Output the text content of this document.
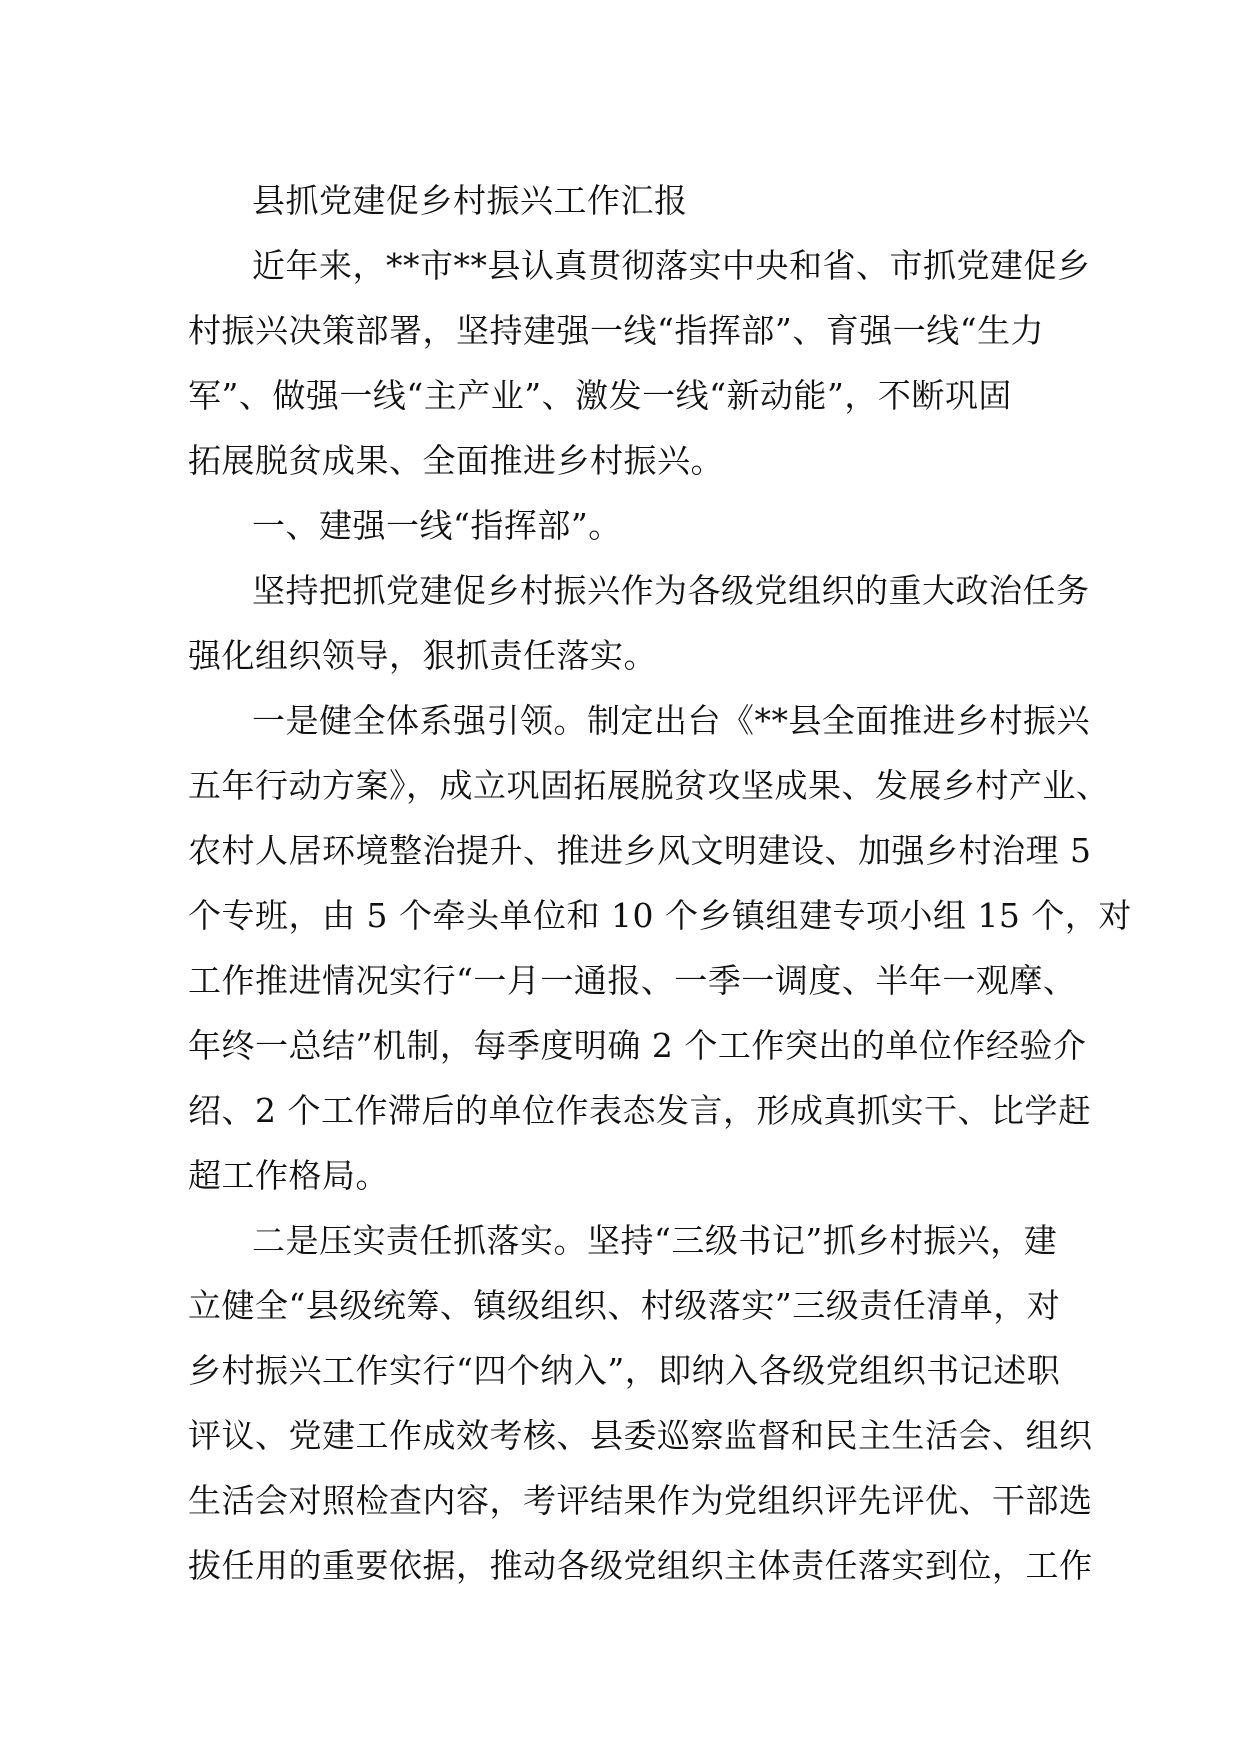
县抓党建促乡村振兴工作汇报
近年来，**市**县认真贯彻落实中央和省、市抓党建促乡
村振兴决策部署，坚持建强一线“指挥部”、育强一线“生力
军”、做强一线“主产业”、激发一线“新动能”，不断巩固
拓展脱贫成果、全面推进乡村振兴。
一、建强一线“指挥部”。
坚持把抓党建促乡村振兴作为各级党组织的重大政治任务
强化组织领导，狠抓责任落实。
一是健全体系强引领。制定出台《**县全面推进乡村振兴
五年行动方案》，成立巩固拓展脱贫攻坚成果、发展乡村产业、
农村人居环境整治提升、推进乡风文明建设、加强乡村治理 5
个专班，由 5 个牵头单位和 10 个乡镇组建专项小组 15 个，对
工作推进情况实行“一月一通报、一季一调度、半年一观摩、
年终一总结”机制，每季度明确 2 个工作突出的单位作经验介
绍、2 个工作滞后的单位作表态发言，形成真抓实干、比学赶
超工作格局。
二是压实责任抓落实。坚持“三级书记”抓乡村振兴，建
立健全“县级统筹、镇级组织、村级落实”三级责任清单，对
乡村振兴工作实行“四个纳入”，即纳入各级党组织书记述职
评议、党建工作成效考核、县委巡察监督和民主生活会、组织
生活会对照检查内容，考评结果作为党组织评先评优、干部选
拔任用的重要依据，推动各级党组织主体责任落实到位，工作
